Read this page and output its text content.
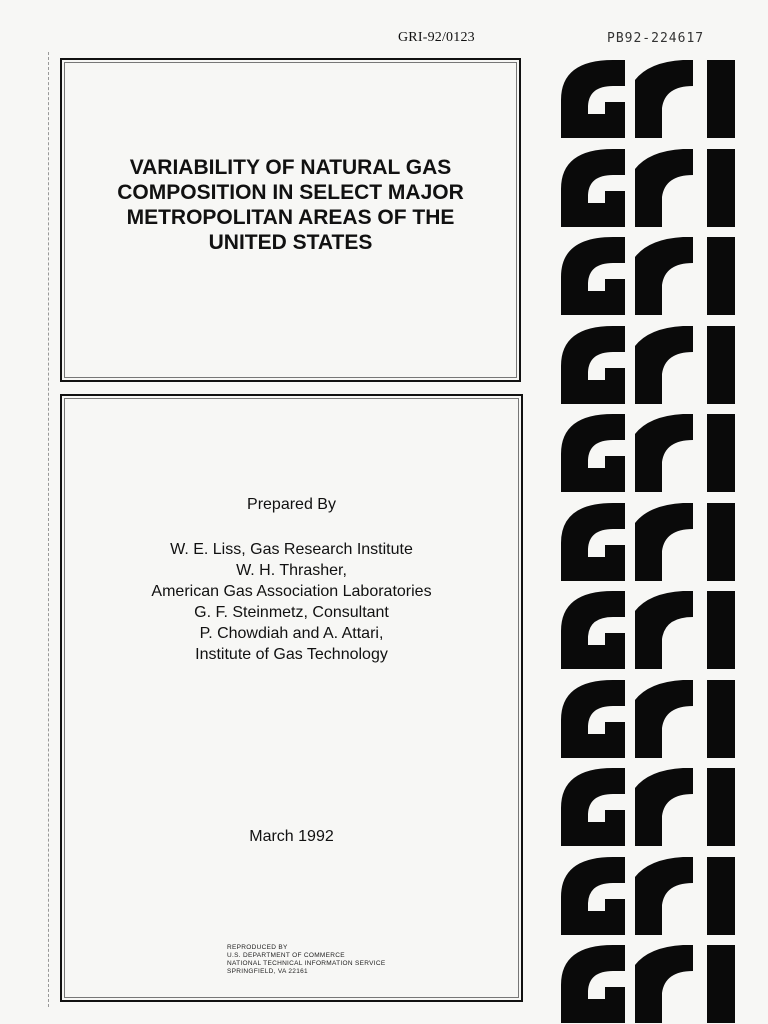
GRI-92/0123	PB92-224617
VARIABILITY OF NATURAL GAS
COMPOSITION IN SELECT MAJOR
METROPOLITAN AREAS OF THE
UNITED STATES
Prepared By
W. E. Liss, Gas Research Institute
W. H. Thrasher,
American Gas Association Laboratories
G. F. Steinmetz, Consultant
P. Chowdiah and A. Attari,
Institute of Gas Technology
March 1992
REPRODUCED BY
U.S. DEPARTMENT OF COMMERCE
NATIONAL TECHNICAL INFORMATION SERVICE
SPRINGFIELD, VA 22161
